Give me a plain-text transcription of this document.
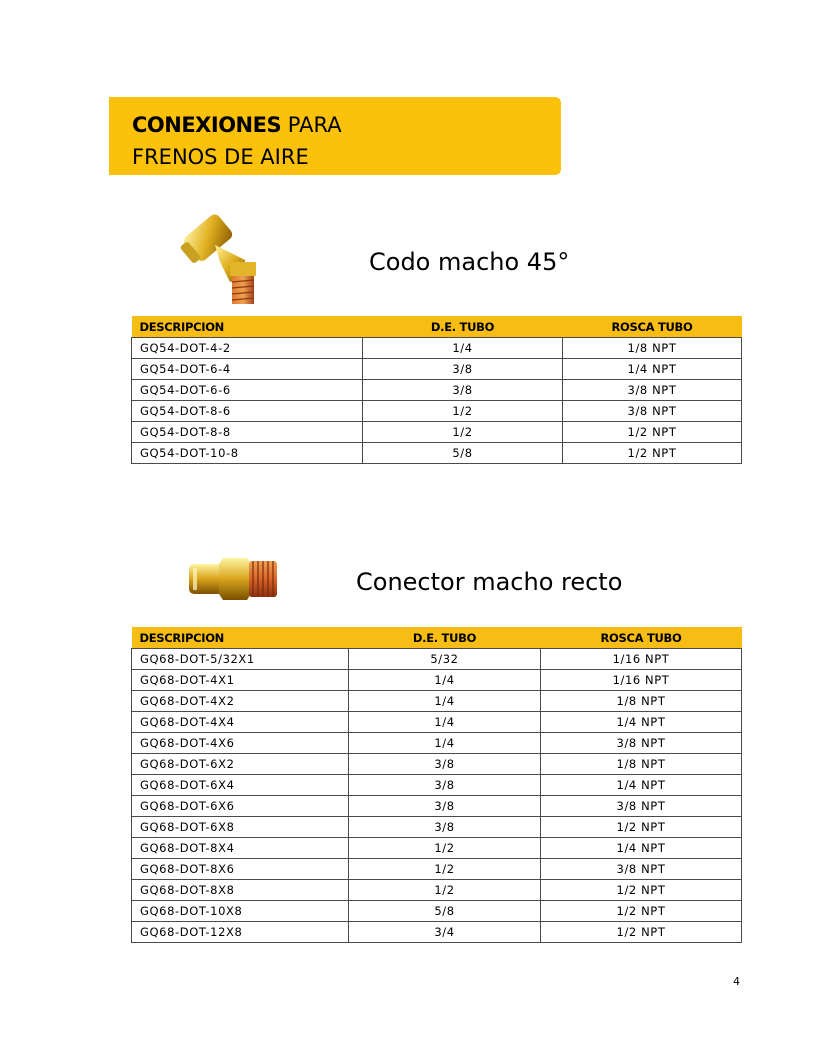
CONEXIONES PARA
FRENOS DE AIRE
Codo macho 45°
DESCRIPCION	D.E. TUBO	ROSCA TUBO
GQ54-DOT-4-2	1/4	1/8 NPT
GQ54-DOT-6-4	3/8	1/4 NPT
GQ54-DOT-6-6	3/8	3/8 NPT
GQ54-DOT-8-6	1/2	3/8 NPT
GQ54-DOT-8-8	1/2	1/2 NPT
GQ54-DOT-10-8	5/8	1/2 NPT
Conector macho recto
DESCRIPCION	D.E. TUBO	ROSCA TUBO
GQ68-DOT-5/32X1	5/32	1/16 NPT
GQ68-DOT-4X1	1/4	1/16 NPT
GQ68-DOT-4X2	1/4	1/8 NPT
GQ68-DOT-4X4	1/4	1/4 NPT
GQ68-DOT-4X6	1/4	3/8 NPT
GQ68-DOT-6X2	3/8	1/8 NPT
GQ68-DOT-6X4	3/8	1/4 NPT
GQ68-DOT-6X6	3/8	3/8 NPT
GQ68-DOT-6X8	3/8	1/2 NPT
GQ68-DOT-8X4	1/2	1/4 NPT
GQ68-DOT-8X6	1/2	3/8 NPT
GQ68-DOT-8X8	1/2	1/2 NPT
GQ68-DOT-10X8	5/8	1/2 NPT
GQ68-DOT-12X8	3/4	1/2 NPT
4
